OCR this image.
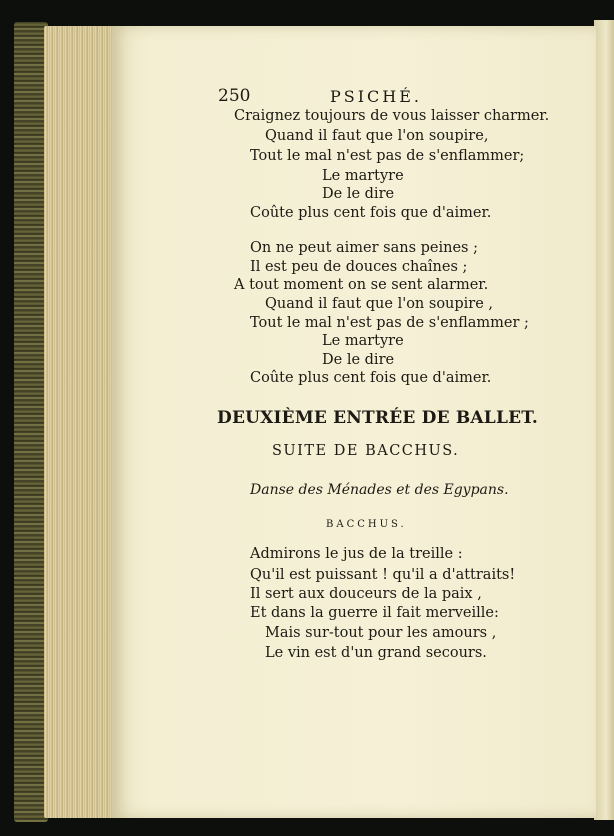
250	PSICHÉ.
Craignez toujours de vous laisser charmer.
Quand il faut que l'on soupire,
Tout le mal n'est pas de s'enflammer;
Le martyre
De le dire
Coûte plus cent fois que d'aimer.
On ne peut aimer sans peines ;
Il est peu de douces chaînes ;
A tout moment on se sent alarmer.
Quand il faut que l'on soupire ,
Tout le mal n'est pas de s'enflammer ;
Le martyre
De le dire
Coûte plus cent fois que d'aimer.
DEUXIÈME ENTRÉE DE BALLET.
SUITE DE BACCHUS.
Danse des Ménades et des Egypans.
BACCHUS.
Admirons le jus de la treille :
Qu'il est puissant ! qu'il a d'attraits!
Il sert aux douceurs de la paix ,
Et dans la guerre il fait merveille:
Mais sur-tout pour les amours ,
Le vin est d'un grand secours.
